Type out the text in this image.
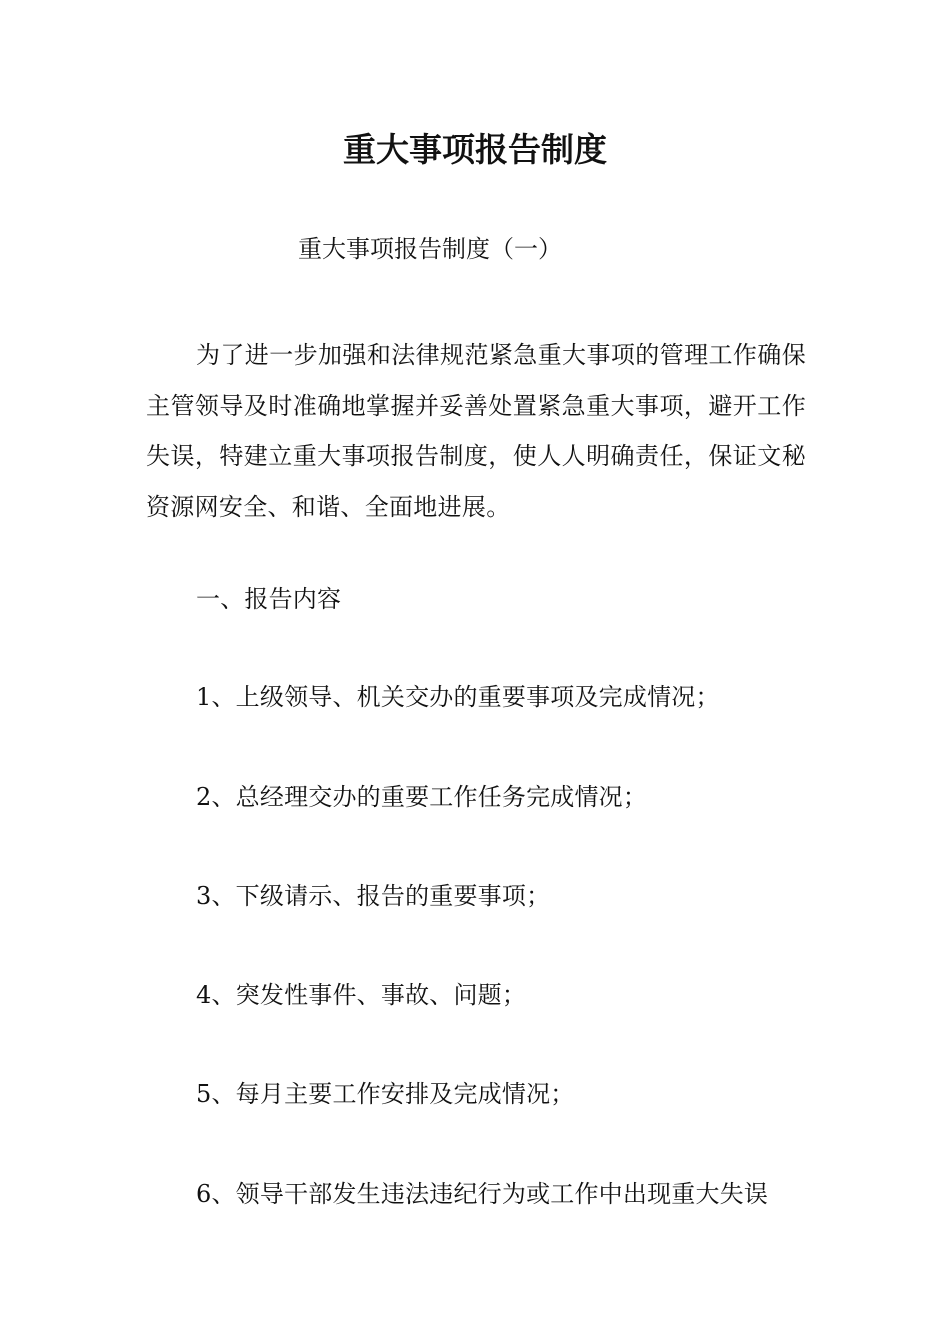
重大事项报告制度

重大事项报告制度（一）

为了进一步加强和法律规范紧急重大事项的管理工作确保主管领导及时准确地掌握并妥善处置紧急重大事项，避开工作失误，特建立重大事项报告制度，使人人明确责任，保证文秘资源网安全、和谐、全面地进展。

一、报告内容

1、上级领导、机关交办的重要事项及完成情况；

2、总经理交办的重要工作任务完成情况；

3、下级请示、报告的重要事项；

4、突发性事件、事故、问题；

5、每月主要工作安排及完成情况；

6、领导干部发生违法违纪行为或工作中出现重大失误
